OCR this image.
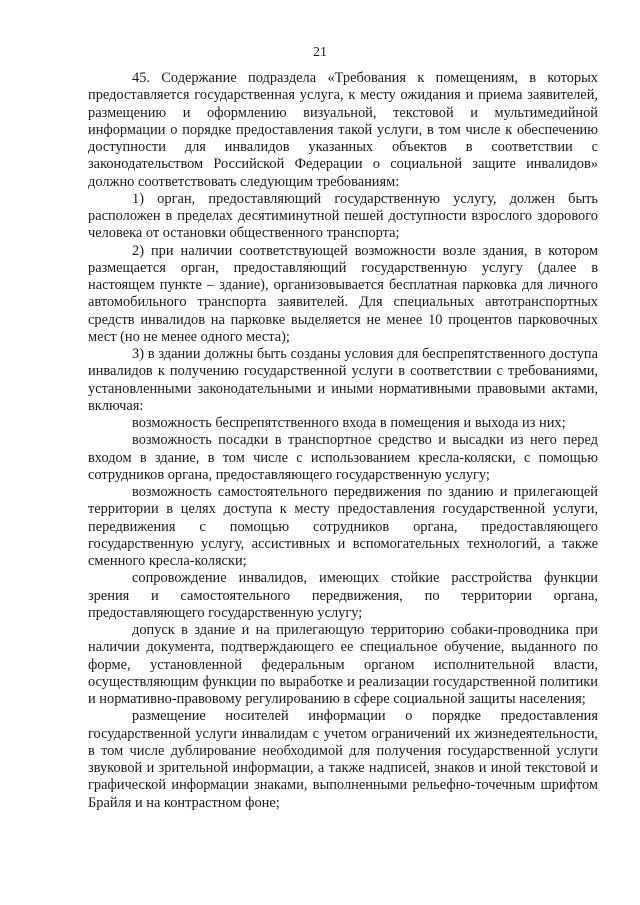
21

45. Содержание подраздела «Требования к помещениям, в которых предоставляется государственная услуга, к месту ожидания и приема заявителей, размещению и оформлению визуальной, текстовой и мультимедийной информации о порядке предоставления такой услуги, в том числе к обеспечению доступности для инвалидов указанных объектов в соответствии с законодательством Российской Федерации о социальной защите инвалидов» должно соответствовать следующим требованиям:

1) орган, предоставляющий государственную услугу, должен быть расположен в пределах десятиминутной пешей доступности взрослого здорового человека от остановки общественного транспорта;

2) при наличии соответствующей возможности возле здания, в котором размещается орган, предоставляющий государственную услугу (далее в настоящем пункте – здание), организовывается бесплатная парковка для личного автомобильного транспорта заявителей. Для специальных автотранспортных средств инвалидов на парковке выделяется не менее 10 процентов парковочных мест (но не менее одного места);

3) в здании должны быть созданы условия для беспрепятственного доступа инвалидов к получению государственной услуги в соответствии с требованиями, установленными законодательными и иными нормативными правовыми актами, включая:

возможность беспрепятственного входа в помещения и выхода из них;

возможность посадки в транспортное средство и высадки из него перед входом в здание, в том числе с использованием кресла-коляски, с помощью сотрудников органа, предоставляющего государственную услугу;

возможность самостоятельного передвижения по зданию и прилегающей территории в целях доступа к месту предоставления государственной услуги, передвижения с помощью сотрудников органа, предоставляющего государственную услугу, ассистивных и вспомогательных технологий, а также сменного кресла-коляски;

сопровождение инвалидов, имеющих стойкие расстройства функции зрения и самостоятельного передвижения, по территории органа, предоставляющего государственную услугу;

допуск в здание и на прилегающую территорию собаки-проводника при наличии документа, подтверждающего ее специальное обучение, выданного по форме, установленной федеральным органом исполнительной власти, осуществляющим функции по выработке и реализации государственной политики и нормативно-правовому регулированию в сфере социальной защиты населения;

размещение носителей информации о порядке предоставления государственной услуги инвалидам с учетом ограничений их жизнедеятельности, в том числе дублирование необходимой для получения государственной услуги звуковой и зрительной информации, а также надписей, знаков и иной текстовой и графической информации знаками, выполненными рельефно-точечным шрифтом Брайля и на контрастном фоне;
